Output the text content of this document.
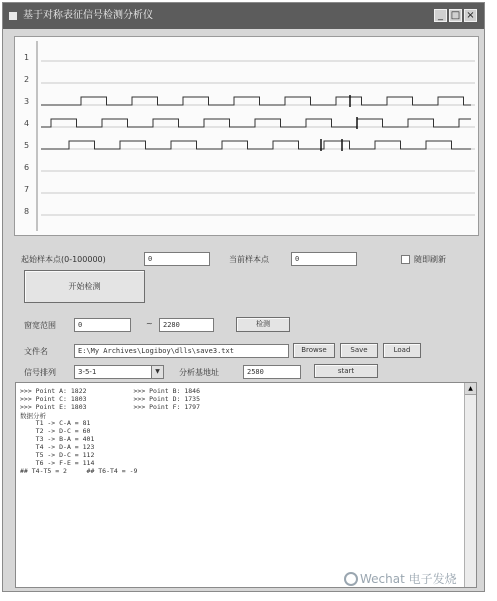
基于对称表征信号检测分析仪	_ □ ×
1
2
3
4
5
6
7
8
起始样本点(0-100000)	0	当前样本点	0	随即刷新
开始检测
窗宽范围	0	~	2280	检测
文件名	E:\My Archives\Logiboy\dlls\save3.txt	Browse	Save	Load
信号排列	3-5-1	▼	分析基地址	2580	start
>>> Point A: 1822            >>> Point B: 1846
>>> Point C: 1803            >>> Point D: 1735
>>> Point E: 1803            >>> Point F: 1797
数据分析
T1 -> C-A = 81
T2 -> D-C = 60
T3 -> B-A = 401
T4 -> D-A = 123
T5 -> D-C = 112
T6 -> F-E = 114
## T4-T5 = 2     ## T6-T4 = -9
▲
Wechat 电子发烧
